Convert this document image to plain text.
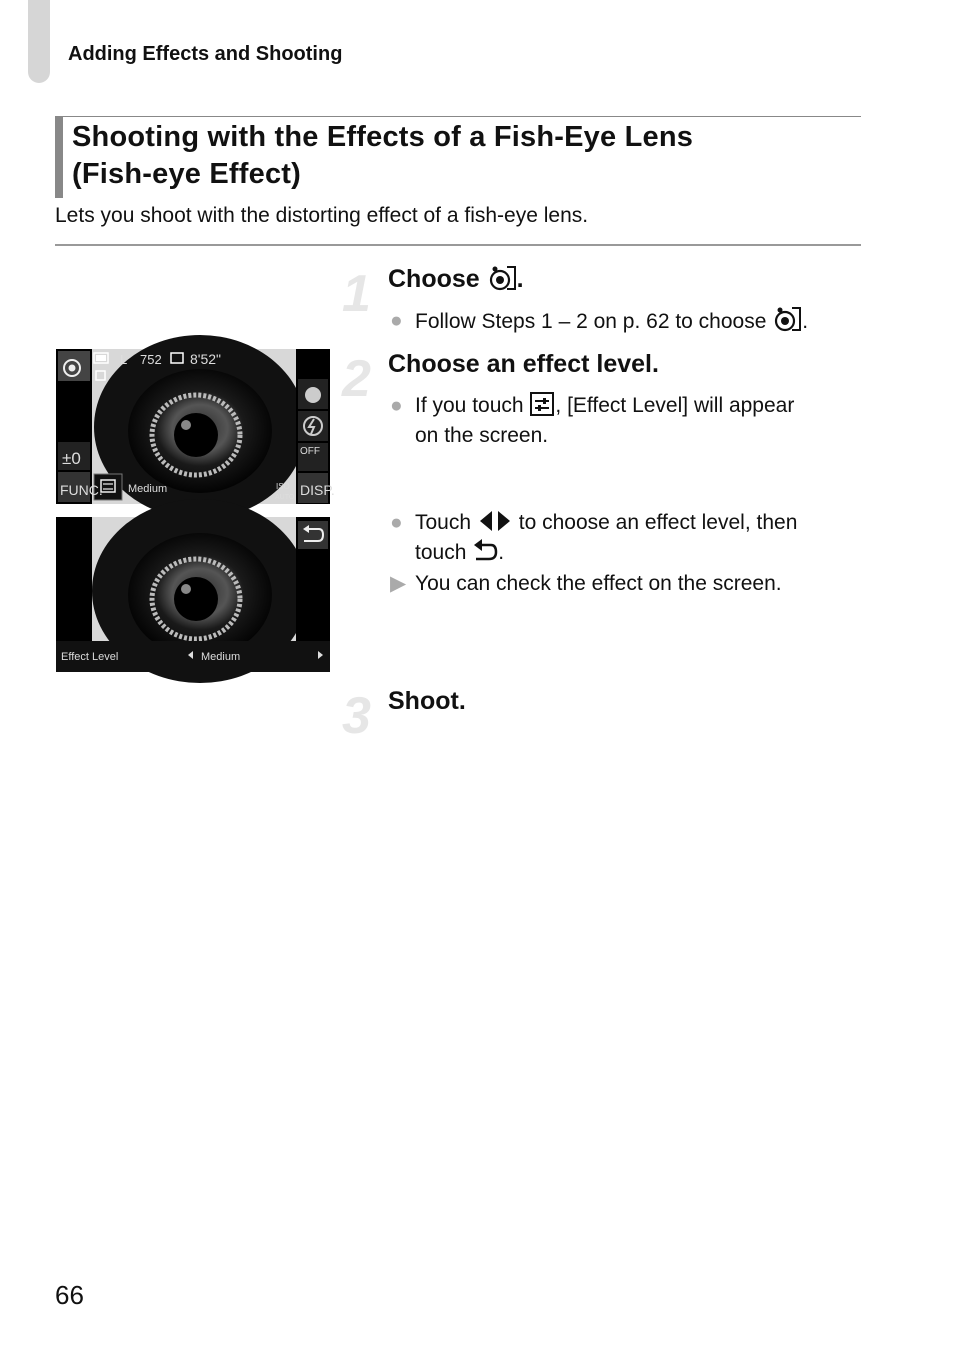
Adding Effects and Shooting
Shooting with the Effects of a Fish-Eye Lens
(Fish-eye Effect)
Lets you shoot with the distorting effect of a fish-eye lens.
1 Choose .
● Follow Steps 1 – 2 on p. 62 to choose .
2 Choose an effect level.
● If you touch , [Effect Level] will appear
on the screen.
● Touch to choose an effect level, then
touch .
▶ You can check the effect on the screen.
3 Shoot.
L 752 8'52"
Medium	ISO
AUTO
±0
FUNC.
OFF
DISP.
Effect Level	Medium
66
